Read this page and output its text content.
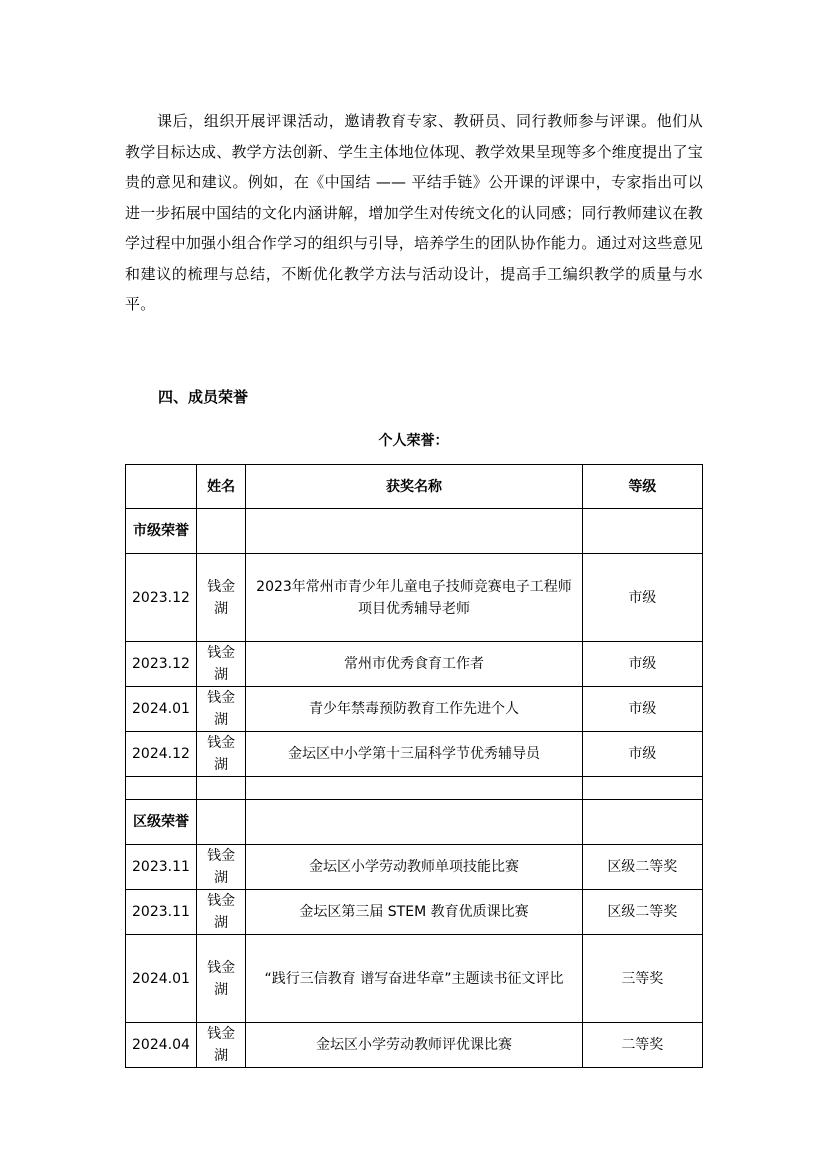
课后，组织开展评课活动，邀请教育专家、教研员、同行教师参与评课。他们从教学目标达成、教学方法创新、学生主体地位体现、教学效果呈现等多个维度提出了宝贵的意见和建议。例如，在《中国结 —— 平结手链》公开课的评课中，专家指出可以进一步拓展中国结的文化内涵讲解，增加学生对传统文化的认同感；同行教师建议在教学过程中加强小组合作学习的组织与引导，培养学生的团队协作能力。通过对这些意见和建议的梳理与总结，不断优化教学方法与活动设计，提高手工编织教学的质量与水平。

四、成员荣誉

个人荣誉：

	姓名	获奖名称	等级
市级荣誉			
2023.12	钱金湖	2023年常州市青少年儿童电子技师竞赛电子工程师项目优秀辅导老师	市级
2023.12	钱金湖	常州市优秀食育工作者	市级
2024.01	钱金湖	青少年禁毒预防教育工作先进个人	市级
2024.12	钱金湖	金坛区中小学第十三届科学节优秀辅导员	市级

区级荣誉			
2023.11	钱金湖	金坛区小学劳动教师单项技能比赛	区级二等奖
2023.11	钱金湖	金坛区第三届 STEM 教育优质课比赛	区级二等奖
2024.01	钱金湖	“践行三信教育 谱写奋进华章”主题读书征文评比	三等奖
2024.04	钱金湖	金坛区小学劳动教师评优课比赛	二等奖
